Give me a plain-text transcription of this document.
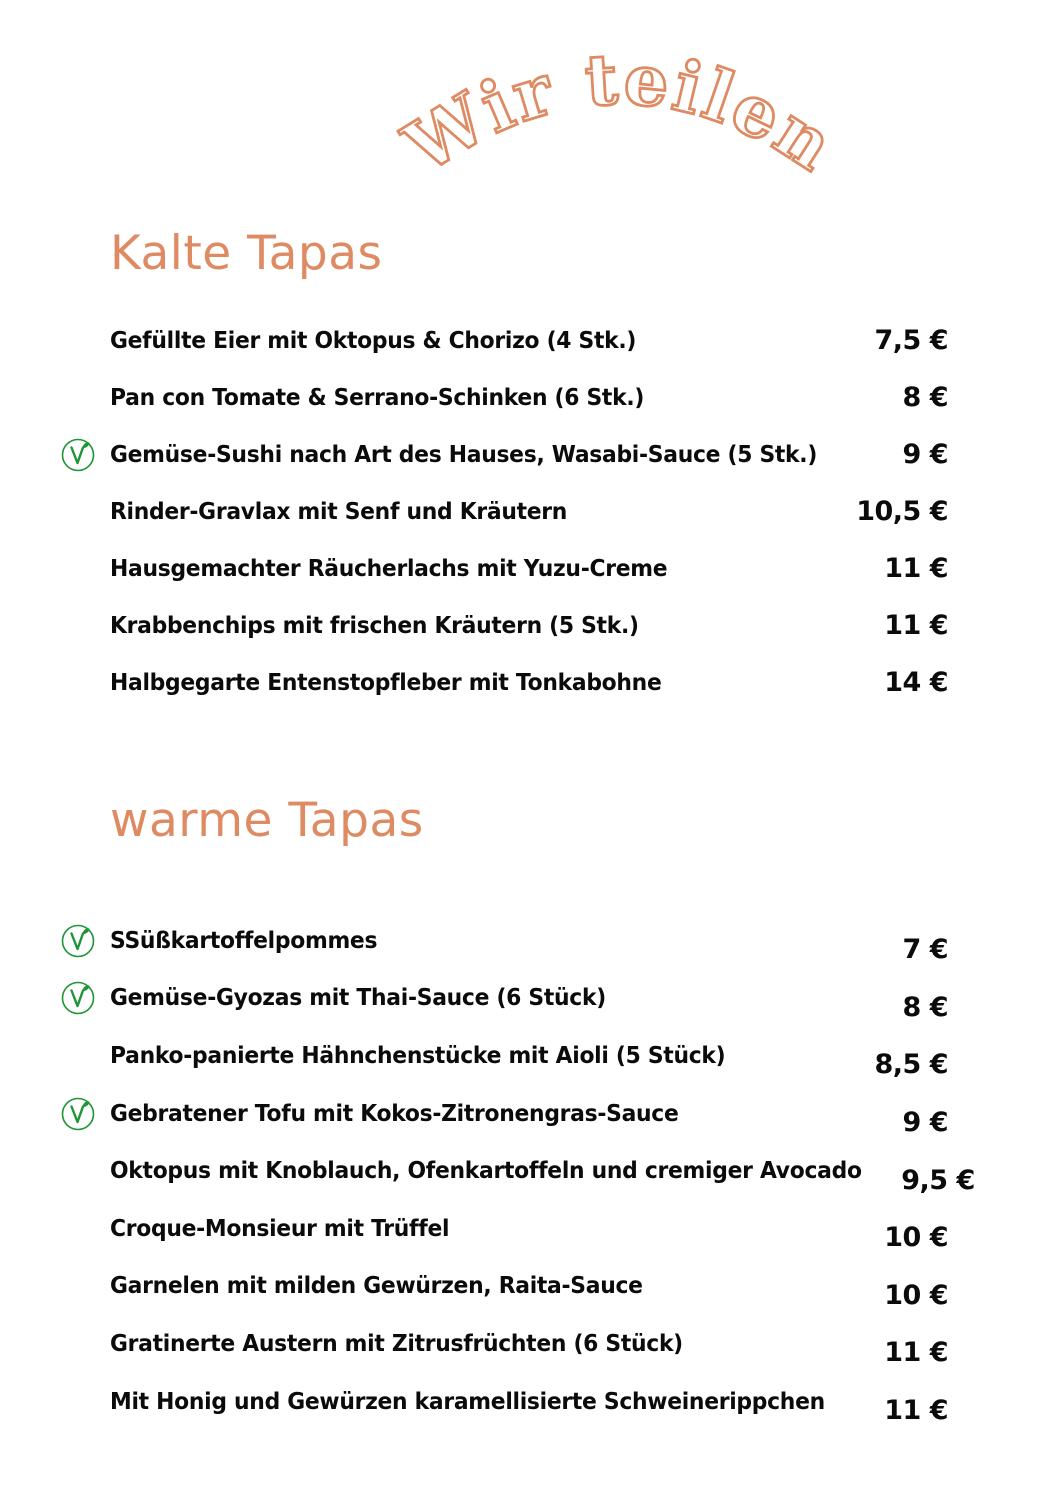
Wir teilen
Kalte Tapas
Gefüllte Eier mit Oktopus & Chorizo (4 Stk.)	7,5 €
Pan con Tomate & Serrano-Schinken (6 Stk.)	8 €
Gemüse-Sushi nach Art des Hauses, Wasabi-Sauce (5 Stk.)	9 €
Rinder-Gravlax mit Senf und Kräutern	10,5 €
Hausgemachter Räucherlachs mit Yuzu-Creme	11 €
Krabbenchips mit frischen Kräutern (5 Stk.)	11 €
Halbgegarte Entenstopfleber mit Tonkabohne	14 €
warme Tapas
SSüßkartoffelpommes	7 €
Gemüse-Gyozas mit Thai-Sauce (6 Stück)	8 €
Panko-panierte Hähnchenstücke mit Aioli (5 Stück)	8,5 €
Gebratener Tofu mit Kokos-Zitronengras-Sauce	9 €
Oktopus mit Knoblauch, Ofenkartoffeln und cremiger Avocado 9,5 €
Croque-Monsieur mit Trüffel	10 €
Garnelen mit milden Gewürzen, Raita-Sauce	10 €
Gratinerte Austern mit Zitrusfrüchten (6 Stück)	11 €
Mit Honig und Gewürzen karamellisierte Schweinerippchen 11 €
